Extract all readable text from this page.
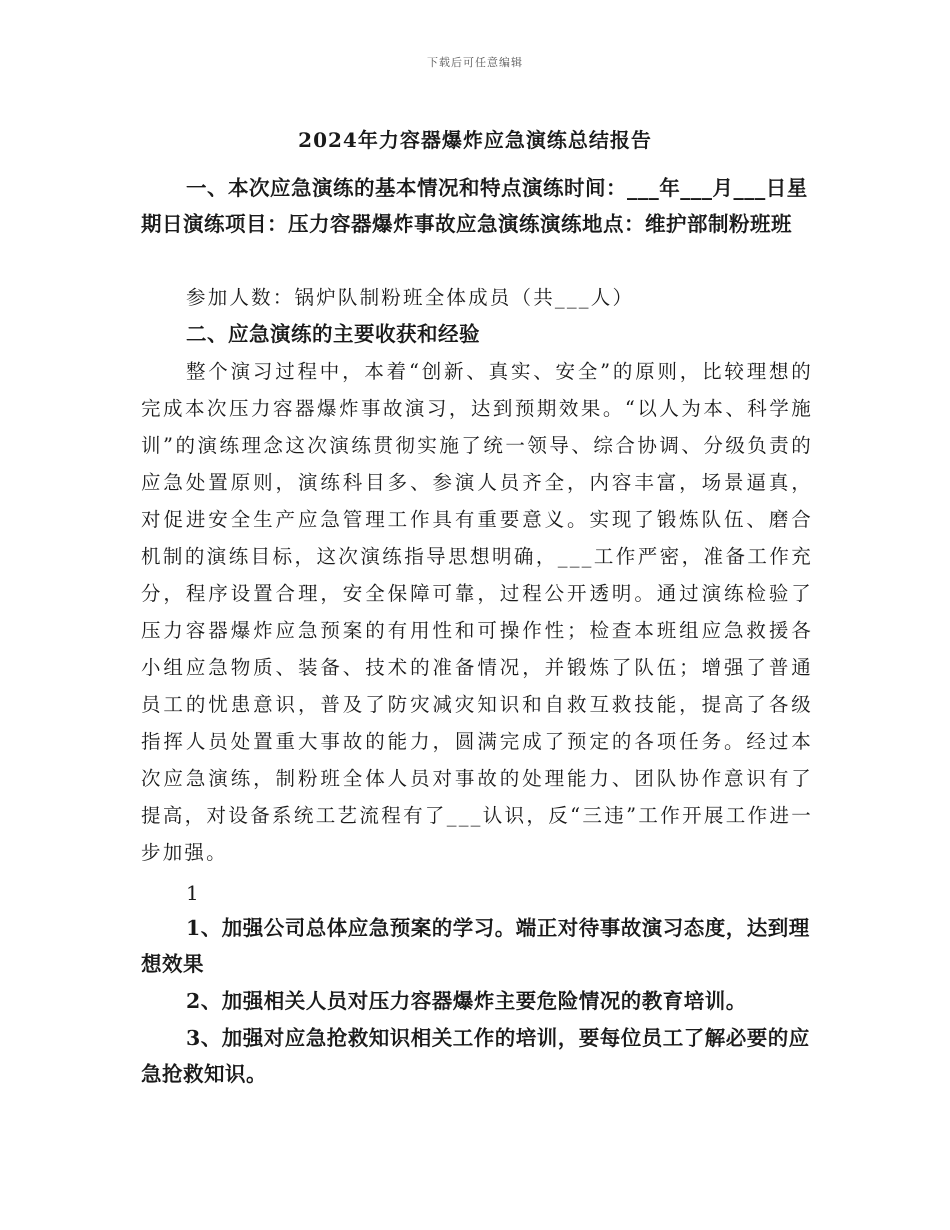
下载后可任意编辑
2024年力容器爆炸应急演练总结报告

一、本次应急演练的基本情况和特点演练时间：___年___月___日星期日演练项目：压力容器爆炸事故应急演练演练地点：维护部制粉班班

参加人数：锅炉队制粉班全体成员（共___人）

二、应急演练的主要收获和经验

整个演习过程中，本着“创新、真实、安全”的原则，比较理想的完成本次压力容器爆炸事故演习，达到预期效果。“以人为本、科学施训”的演练理念这次演练贯彻实施了统一领导、综合协调、分级负责的应急处置原则，演练科目多、参演人员齐全，内容丰富，场景逼真，对促进安全生产应急管理工作具有重要意义。实现了锻炼队伍、磨合机制的演练目标，这次演练指导思想明确，___工作严密，准备工作充分，程序设置合理，安全保障可靠，过程公开透明。通过演练检验了压力容器爆炸应急预案的有用性和可操作性；检查本班组应急救援各小组应急物质、装备、技术的准备情况，并锻炼了队伍；增强了普通员工的忧患意识，普及了防灾减灾知识和自救互救技能，提高了各级指挥人员处置重大事故的能力，圆满完成了预定的各项任务。经过本次应急演练，制粉班全体人员对事故的处理能力、团队协作意识有了提高，对设备系统工艺流程有了___认识，反“三违”工作开展工作进一步加强。

1

1、加强公司总体应急预案的学习。端正对待事故演习态度，达到理想效果

2、加强相关人员对压力容器爆炸主要危险情况的教育培训。

3、加强对应急抢救知识相关工作的培训，要每位员工了解必要的应急抢救知识。
